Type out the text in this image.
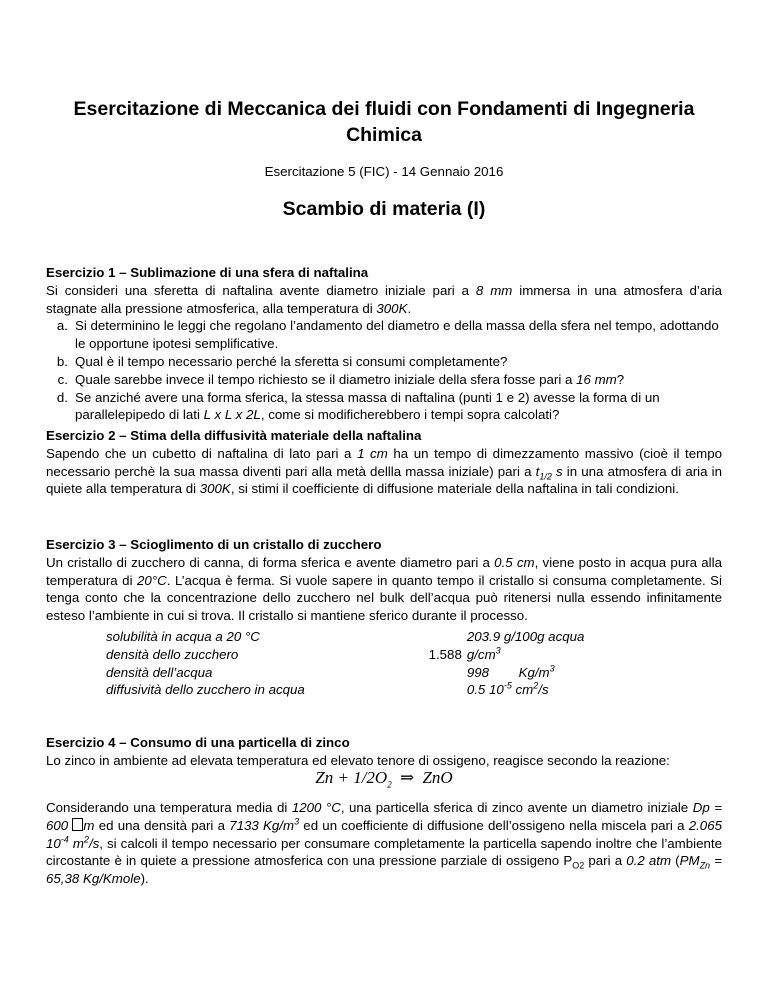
Esercitazione di Meccanica dei fluidi con Fondamenti di Ingegneria Chimica
Esercitazione 5 (FIC) - 14 Gennaio 2016
Scambio di materia (I)
Esercizio 1 – Sublimazione di una sfera di naftalina

Si consideri una sferetta di naftalina avente diametro iniziale pari a 8 mm immersa in una atmosfera d’aria stagnate alla pressione atmosferica, alla temperatura di 300K.

a. Si determinino le leggi che regolano l’andamento del diametro e della massa della sfera nel tempo, adottando le opportune ipotesi semplificative.
b. Qual è il tempo necessario perché la sferetta si consumi completamente?
c. Quale sarebbe invece il tempo richiesto se il diametro iniziale della sfera fosse pari a 16 mm?
d. Se anziché avere una forma sferica, la stessa massa di naftalina (punti 1 e 2) avesse la forma di un parallelepipedo di lati L x L x 2L, come si modificherebbero i tempi sopra calcolati?
Esercizio 2 – Stima della diffusività materiale della naftalina

Sapendo che un cubetto di naftalina di lato pari a 1 cm ha un tempo di dimezzamento massivo (cioè il tempo necessario perchè la sua massa diventi pari alla metà dellla massa iniziale) pari a $t_{1/2}$ s in una atmosfera di aria in quiete alla temperatura di 300K, si stimi il coefficiente di diffusione materiale della naftalina in tali condizioni.

Esercizio 3 – Scioglimento di un cristallo di zucchero

Un cristallo di zucchero di canna, di forma sferica e avente diametro pari a 0.5 cm, viene posto in acqua pura alla temperatura di 20°C. L’acqua è ferma. Si vuole sapere in quanto tempo il cristallo si consuma completamente. Si tenga conto che la concentrazione dello zucchero nel bulk dell’acqua può ritenersi nulla essendo infinitamente esteso l’ambiente in cui si trova. Il cristallo si mantiene sferico durante il processo.

solubilità in acqua a 20 °C	203.9 g/100g acqua
densità dello zucchero	1.588 $g/cm^3$
densità dell’acqua	998        $Kg/m^3$
diffusività dello zucchero in acqua	0.5 $10^{-5}$ $cm^2/s$
Esercizio 4 – Consumo di una particella di zinco

Lo zinco in ambiente ad elevata temperatura ed elevato tenore di ossigeno, reagisce secondo la reazione:

$Zn + 1/2O_2$ ⇒ ZnO

Considerando una temperatura media di 1200 °C, una particella sferica di zinco avente un diametro iniziale Dp = 600 m ed una densità pari a 7133 $Kg/m^3$ ed un coefficiente di diffusione dell’ossigeno nella miscela pari a 2.065 $10^{-4}$ $m^2/s$, si calcoli il tempo necessario per consumare completamente la particella sapendo inoltre che l’ambiente circostante è in quiete a pressione atmosferica con una pressione parziale di ossigeno $P_{O2}$ pari a 0.2 atm ($PM_{Zn} = 65,38$ Kg/Kmole).
